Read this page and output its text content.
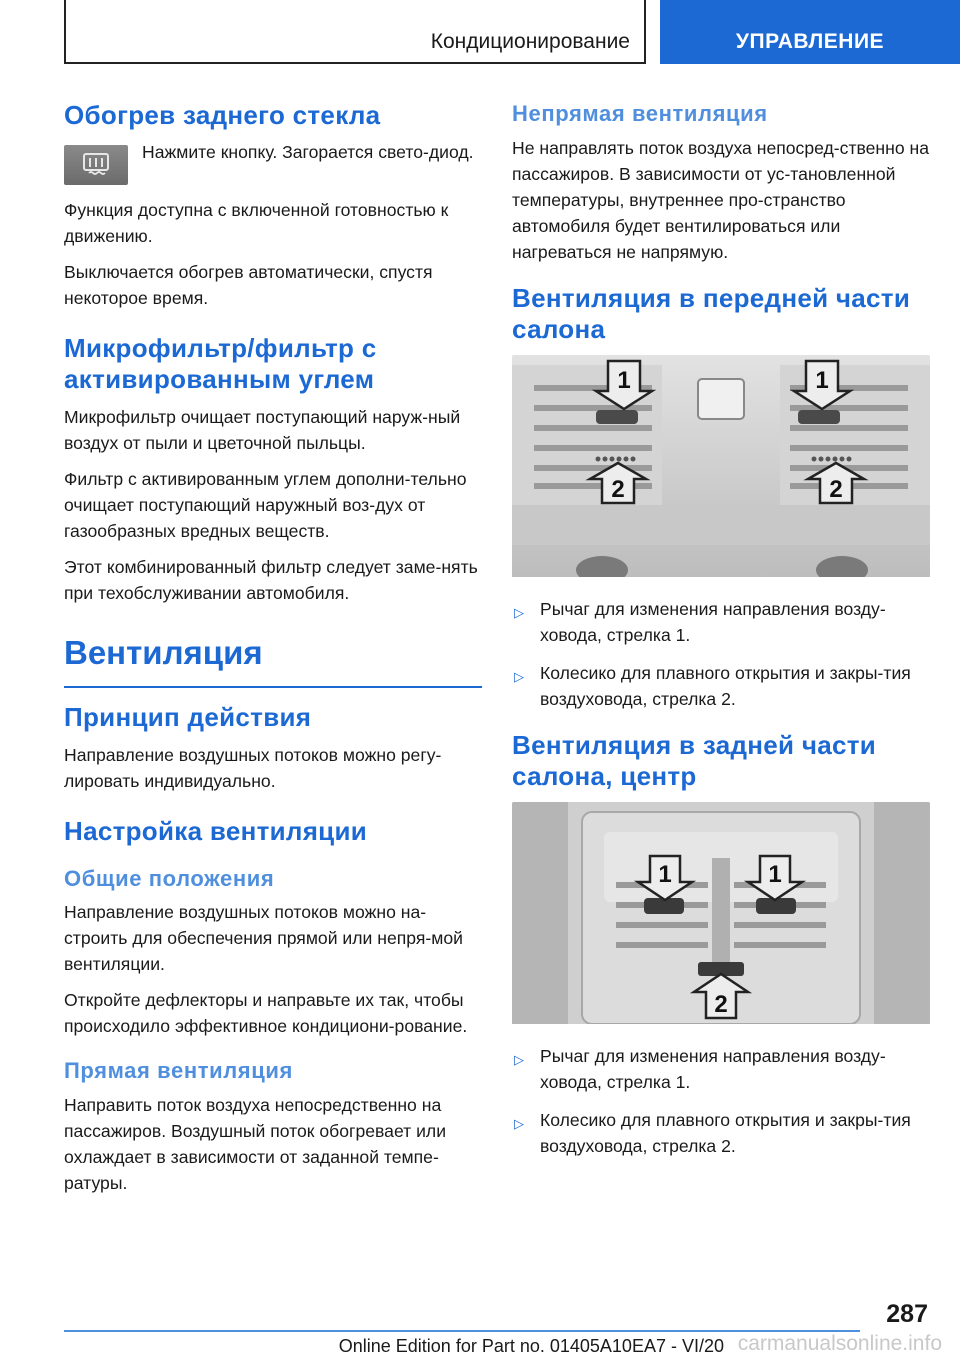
Кондиционирование	УПРАВЛЕНИЕ
Обогрев заднего стекла

Нажмите кнопку. Загорается свето-диод.

Функция доступна с включенной готовностью к движению.

Выключается обогрев автоматически, спустя некоторое время.

Микрофильтр/фильтр с активированным углем

Микрофильтр очищает поступающий наруж-ный воздух от пыли и цветочной пыльцы.

Фильтр с активированным углем дополни-тельно очищает поступающий наружный воз-дух от газообразных вредных веществ.

Этот комбинированный фильтр следует заме-нять при техобслуживании автомобиля.

Вентиляция
Принцип действия

Направление воздушных потоков можно регу-лировать индивидуально.

Настройка вентиляции
Общие положения

Направление воздушных потоков можно на-строить для обеспечения прямой или непря-мой вентиляции.

Откройте дефлекторы и направьте их так, чтобы происходило эффективное кондициони-рование.

Прямая вентиляция

Направить поток воздуха непосредственно на пассажиров. Воздушный поток обогревает или охлаждает в зависимости от заданной темпе-ратуры.

Непрямая вентиляция

Не направлять поток воздуха непосред-ственно на пассажиров. В зависимости от ус-тановленной температуры, внутреннее про-странство автомобиля будет вентилироваться или нагреваться не напрямую.

Вентиляция в передней части салона
1	1
2	2
▷ Рычаг для изменения направления возду-ховода, стрелка 1.
▷ Колесико для плавного открытия и закры-тия воздуховода, стрелка 2.
Вентиляция в задней части салона, центр
1	1
2
▷ Рычаг для изменения направления возду-ховода, стрелка 1.
▷ Колесико для плавного открытия и закры-тия воздуховода, стрелка 2.
287
Online Edition for Part no. 01405A10EA7 - VI/20 carmanualsonline.info
